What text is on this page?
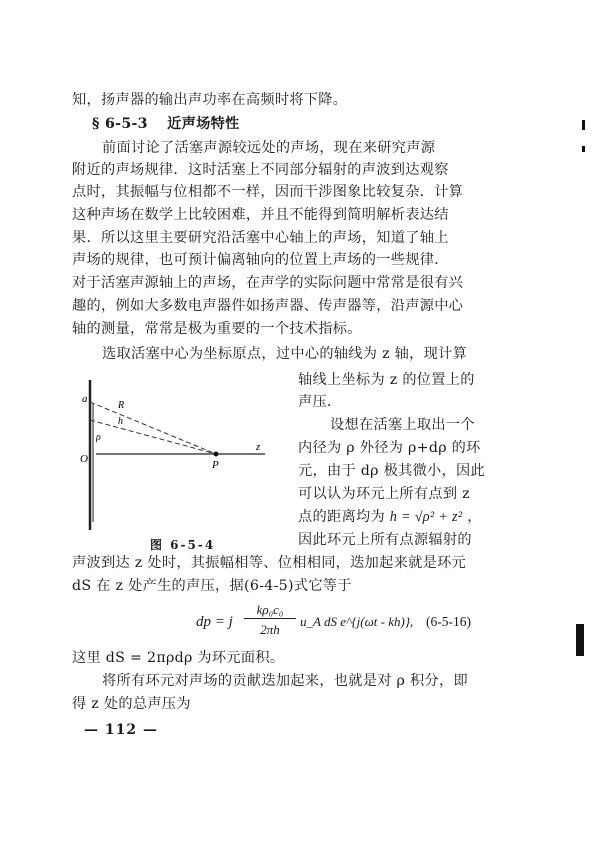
知，扬声器的输出声功率在高频时将下降。
§ 6-5-3 近声场特性
前面讨论了活塞声源较远处的声场，现在来研究声源
附近的声场规律．这时活塞上不同部分辐射的声波到达观察
点时，其振幅与位相都不一样，因而干涉图象比较复杂．计算
这种声场在数学上比较困难，并且不能得到简明解析表达结
果．所以这里主要研究沿活塞中心轴上的声场，知道了轴上
声场的规律，也可预计偏离轴向的位置上声场的一些规律．
对于活塞声源轴上的声场，在声学的实际问题中常常是很有兴
趣的，例如大多数电声器件如扬声器、传声器等，沿声源中心
轴的测量，常常是极为重要的一个技术指标。
选取活塞中心为坐标原点，过中心的轴线为 z 轴，现计算
轴线上坐标为 z 的位置上的
声压．
设想在活塞上取出一个
内径为 ρ 外径为 ρ+dρ 的环
元，由于 dρ 极其微小，因此
可以认为环元上所有点到 z
点的距离均为 h = √ρ² + z² ，
因此环元上所有点源辐射的
a
O
ρ
R
h
P
z
图 6-5-4
声波到达 z 处时，其振幅相等、位相相同，迭加起来就是环元
dS 在 z 处产生的声压，据(6-4-5)式它等于
dp = j
kρ₀c₀
2πh
u_A dS e^{j(ωt - kh)}, (6-5-16)
这里 dS = 2πρdρ 为环元面积。
将所有环元对声场的贡献迭加起来，也就是对 ρ 积分，即
得 z 处的总声压为
— 112 —
